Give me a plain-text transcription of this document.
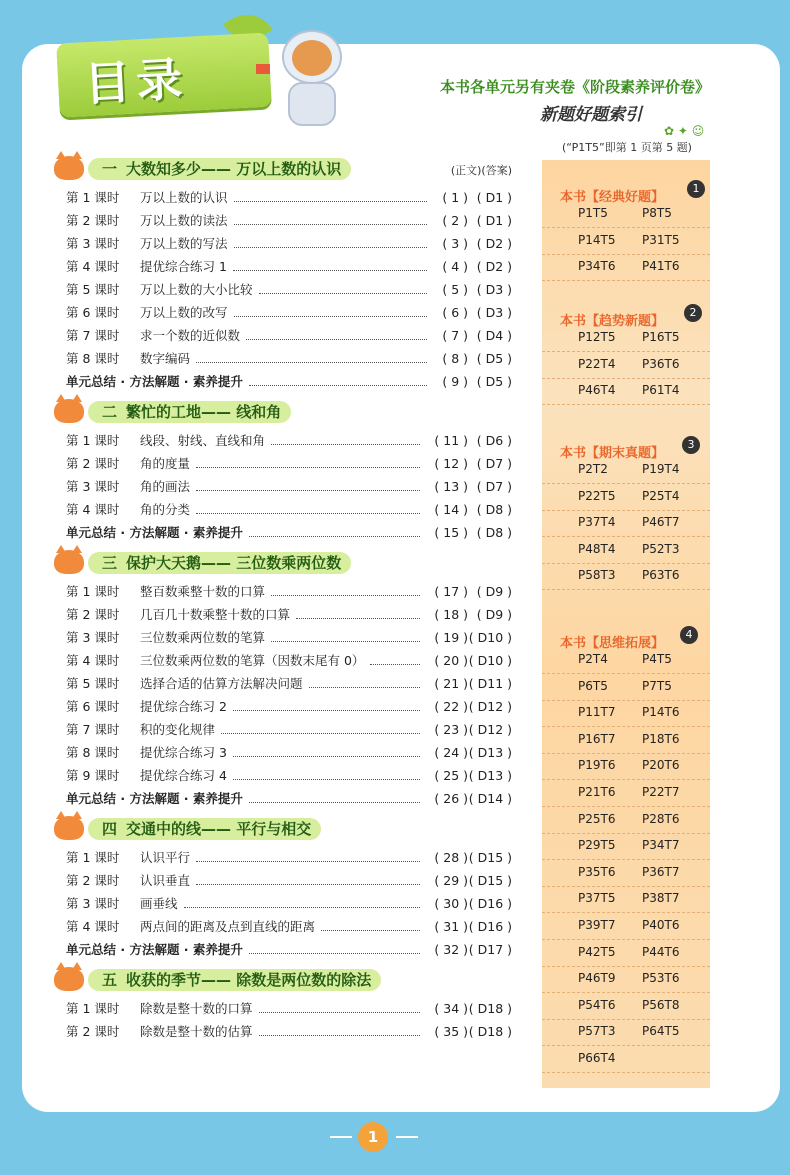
目录	本书各单元另有夹卷《阶段素养评价卷》
新题好题索引
✿ ✦ ☺
(“P1T5”即第 1 页第 5 题)
一 大数知多少—— 万以上数的认识	(正文)(答案)
第 1 课时 万以上数的认识	( 1 ) ( D1 )
第 2 课时 万以上数的读法	( 2 ) ( D1 )
第 3 课时 万以上数的写法	( 3 ) ( D2 )
第 4 课时 提优综合练习 1	( 4 ) ( D2 )
第 5 课时 万以上数的大小比较	( 5 ) ( D3 )
第 6 课时 万以上数的改写	( 6 ) ( D3 )
第 7 课时 求一个数的近似数	( 7 ) ( D4 )
第 8 课时 数字编码	( 8 ) ( D5 )
单元总结 · 方法解题 · 素养提升	( 9 ) ( D5 )
二 繁忙的工地—— 线和角
第 1 课时 线段、射线、直线和角	( 11 ) ( D6 )
第 2 课时 角的度量	( 12 ) ( D7 )
第 3 课时 角的画法	( 13 ) ( D7 )
第 4 课时 角的分类	( 14 ) ( D8 )
单元总结 · 方法解题 · 素养提升	( 15 ) ( D8 )
三 保护大天鹅—— 三位数乘两位数
第 1 课时 整百数乘整十数的口算	( 17 ) ( D9 )
第 2 课时 几百几十数乘整十数的口算	( 18 ) ( D9 )
第 3 课时 三位数乘两位数的笔算	( 19 ) ( D10 )
第 4 课时 三位数乘两位数的笔算（因数末尾有 0）	( 20 ) ( D10 )
第 5 课时 选择合适的估算方法解决问题	( 21 ) ( D11 )
第 6 课时 提优综合练习 2	( 22 ) ( D12 )
第 7 课时 积的变化规律	( 23 ) ( D12 )
第 8 课时 提优综合练习 3	( 24 ) ( D13 )
第 9 课时 提优综合练习 4	( 25 ) ( D13 )
单元总结 · 方法解题 · 素养提升	( 26 ) ( D14 )
四 交通中的线—— 平行与相交
第 1 课时 认识平行	( 28 ) ( D15 )
第 2 课时 认识垂直	( 29 ) ( D15 )
第 3 课时 画垂线	( 30 ) ( D16 )
第 4 课时 两点间的距离及点到直线的距离	( 31 ) ( D16 )
单元总结 · 方法解题 · 素养提升	( 32 ) ( D17 )
五 收获的季节—— 除数是两位数的除法
第 1 课时 除数是整十数的口算	( 34 ) ( D18 )
第 2 课时 除数是整十数的估算	( 35 ) ( D18 )
本书【经典好题】
1
P1T5	P8T5
P14T5 P31T5
P34T6 P41T6
本书【趋势新题】
2
P12T5 P16T5
P22T4 P36T6
P46T4 P61T4
本书【期末真题】
3
P2T2	P19T4
P22T5 P25T4
P37T4 P46T7
P48T4 P52T3
P58T3 P63T6
本书【思维拓展】
4
P2T4	P4T5
P6T5	P7T5
P11T7 P14T6
P16T7 P18T6
P19T6 P20T6
P21T6 P22T7
P25T6 P28T6
P29T5 P34T7
P35T6 P36T7
P37T5 P38T7
P39T7 P40T6
P42T5 P44T6
P46T9 P53T6
P54T6 P56T8
P57T3 P64T5
P66T4
1
